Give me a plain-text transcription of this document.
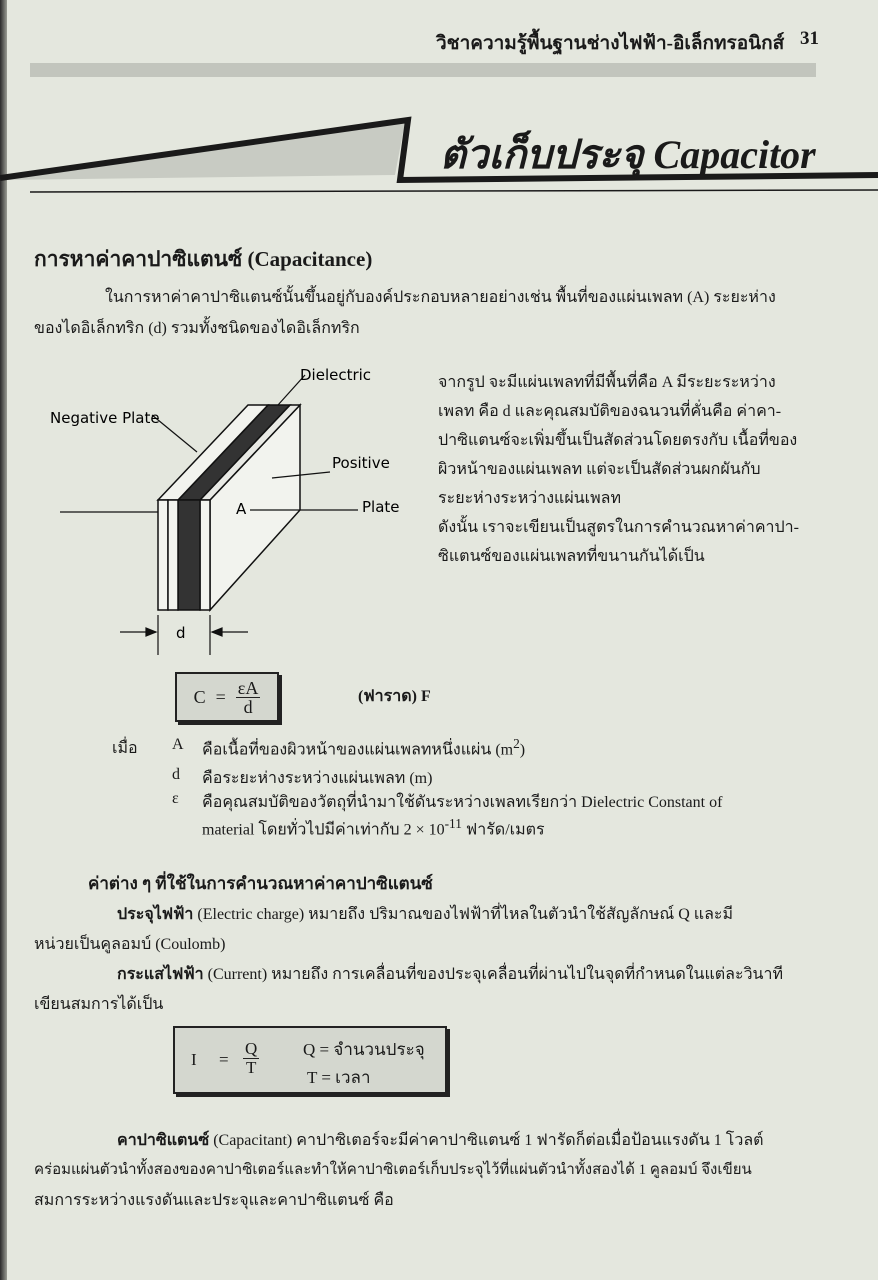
วิชาความรู้พื้นฐานช่างไฟฟ้า-อิเล็กทรอนิกส์ 31
ตัวเก็บประจุ Capacitor
การหาค่าคาปาซิแตนซ์ (Capacitance)
ในการหาค่าคาปาซิแตนซ์นั้นขึ้นอยู่กับองค์ประกอบหลายอย่างเช่น พื้นที่ของแผ่นเพลท (A) ระยะห่าง
ของไดอิเล็กทริก (d) รวมทั้งชนิดของไดอิเล็กทริก
Dielectric
Negative Plate
Positive
Plate
A
d
จากรูป จะมีแผ่นเพลทที่มีพื้นที่คือ A มีระยะระหว่าง
เพลท คือ d และคุณสมบัติของฉนวนที่คั่นคือ ค่าคา-
ปาซิแตนซ์จะเพิ่มขึ้นเป็นสัดส่วนโดยตรงกับ เนื้อที่ของ
ผิวหน้าของแผ่นเพลท แต่จะเป็นสัดส่วนผกผันกับ
ระยะห่างระหว่างแผ่นเพลท
ดังนั้น เราจะเขียนเป็นสูตรในการคำนวณหาค่าคาปา-
ซิแตนซ์ของแผ่นเพลทที่ขนานกันได้เป็น
$C = \frac{\varepsilon A}{d}$	(ฟาราด) F
เมื่อ A คือเนื้อที่ของผิวหน้าของแผ่นเพลทหนึ่งแผ่น $(m^2)$
d คือระยะห่างระหว่างแผ่นเพลท (m)
ε คือคุณสมบัติของวัตถุที่นำมาใช้ดันระหว่างเพลทเรียกว่า Dielectric Constant of
material โดยทั่วไปมีค่าเท่ากับ $2 \times 10^{-11}$ ฟารัด/เมตร
ค่าต่าง ๆ ที่ใช้ในการคำนวณหาค่าคาปาซิแตนซ์
ประจุไฟฟ้า (Electric charge) หมายถึง ปริมาณของไฟฟ้าที่ไหลในตัวนำใช้สัญลักษณ์ Q และมี
หน่วยเป็นคูลอมบ์ (Coulomb)
กระแสไฟฟ้า (Current) หมายถึง การเคลื่อนที่ของประจุเคลื่อนที่ผ่านไปในจุดที่กำหนดในแต่ละวินาที
เขียนสมการได้เป็น
$I = \frac{Q}{T}$	Q = จำนวนประจุ
T = เวลา
คาปาซิแตนซ์ (Capacitant) คาปาซิเตอร์จะมีค่าคาปาซิแตนซ์ 1 ฟารัดก็ต่อเมื่อป้อนแรงดัน 1 โวลต์
คร่อมแผ่นตัวนำทั้งสองของคาปาซิเตอร์และทำให้คาปาซิเตอร์เก็บประจุไว้ที่แผ่นตัวนำทั้งสองได้ 1 คูลอมบ์ จึงเขียน
สมการระหว่างแรงดันและประจุและคาปาซิแตนซ์ คือ
